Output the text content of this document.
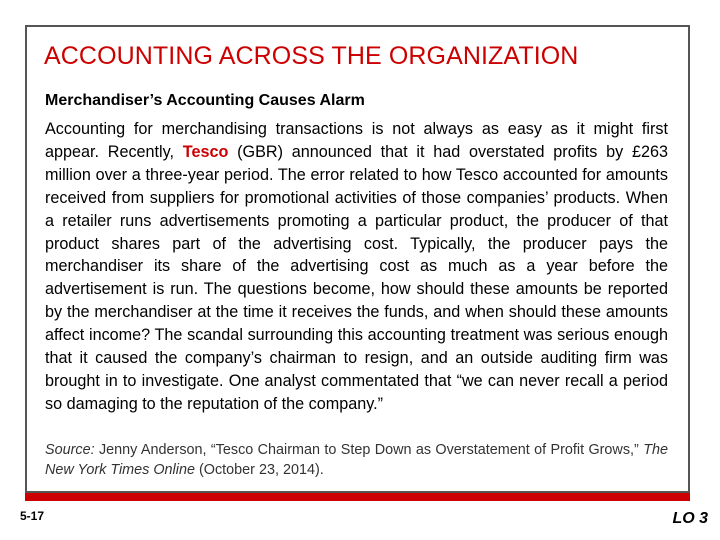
ACCOUNTING ACROSS THE ORGANIZATION
Merchandiser’s Accounting Causes Alarm

Accounting for merchandising transactions is not always as easy as it might first appear. Recently, Tesco (GBR) announced that it had overstated profits by £263 million over a three-year period. The error related to how Tesco accounted for amounts received from suppliers for promotional activities of those companies’ products. When a retailer runs advertisements promoting a particular product, the producer of that product shares part of the advertising cost. Typically, the producer pays the merchandiser its share of the advertising cost as much as a year before the advertisement is run. The questions become, how should these amounts be reported by the merchandiser at the time it receives the funds, and when should these amounts affect income? The scandal surrounding this accounting treatment was serious enough that it caused the company’s chairman to resign, and an outside auditing firm was brought in to investigate. One analyst commentated that “we can never recall a period so damaging to the reputation of the company.”

Source: Jenny Anderson, “Tesco Chairman to Step Down as Overstatement of Profit Grows,” The New York Times Online (October 23, 2014).

5-17	LO 3
